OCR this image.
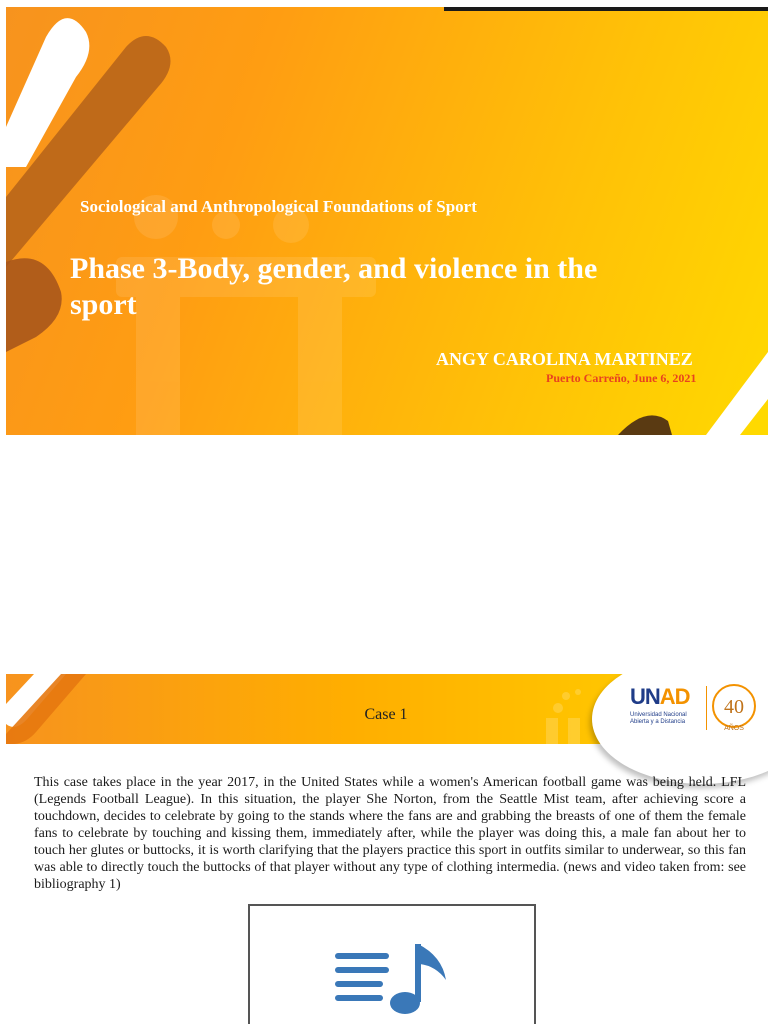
Sociological and Anthropological Foundations of Sport

Phase 3-Body, gender, and violence in the sport

ANGY CAROLINA MARTINEZ

Puerto Carreño, June 6, 2021

UNAD
Universidad Nacional
Abierta y a Distancia
40
AÑOS

Case 1

This case takes place in the year 2017, in the United States while a women's American football game was being held. LFL (Legends Football League). In this situation, the player She Norton, from the Seattle Mist team, after achieving score a touchdown, decides to celebrate by going to the stands where the fans are and grabbing the breasts of one of them the female fans to celebrate by touching and kissing them, immediately after, while the player was doing this, a male fan about her to touch her glutes or buttocks, it is worth clarifying that the players practice this sport in outfits similar to underwear, so this fan was able to directly touch the buttocks of that player without any type of clothing intermedia. (news and video taken from: see bibliography 1)
